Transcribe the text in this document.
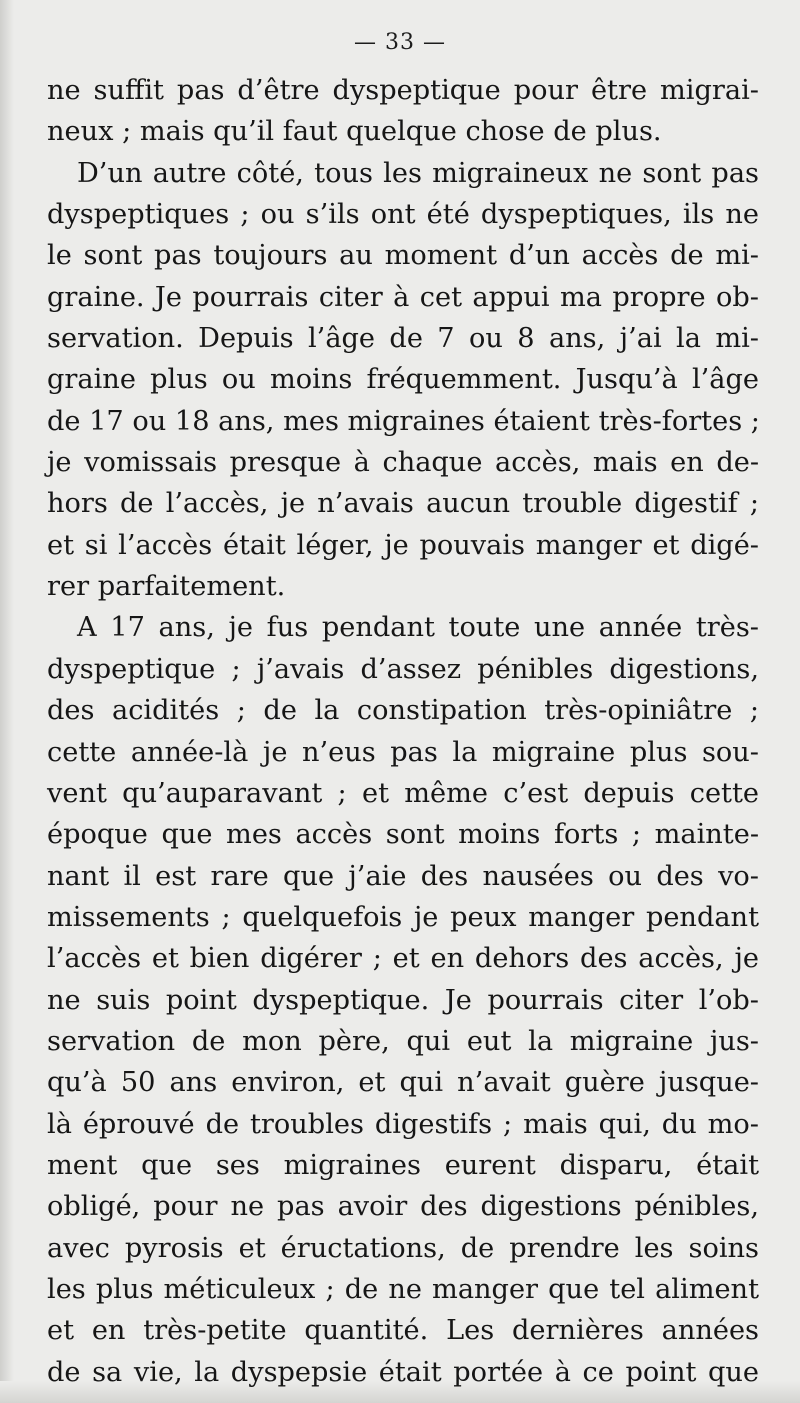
— 33 —
ne suffit pas d’être dyspeptique pour être migrai-
neux ; mais qu’il faut quelque chose de plus.
D’un autre côté, tous les migraineux ne sont pas
dyspeptiques ; ou s’ils ont été dyspeptiques, ils ne
le sont pas toujours au moment d’un accès de mi-
graine. Je pourrais citer à cet appui ma propre ob-
servation. Depuis l’âge de 7 ou 8 ans, j’ai la mi-
graine plus ou moins fréquemment. Jusqu’à l’âge
de 17 ou 18 ans, mes migraines étaient très-fortes ;
je vomissais presque à chaque accès, mais en de-
hors de l’accès, je n’avais aucun trouble digestif ;
et si l’accès était léger, je pouvais manger et digé-
rer parfaitement.
A 17 ans, je fus pendant toute une année très-
dyspeptique ; j’avais d’assez pénibles digestions,
des acidités ; de la constipation très-opiniâtre ;
cette année-là je n’eus pas la migraine plus sou-
vent qu’auparavant ; et même c’est depuis cette
époque que mes accès sont moins forts ; mainte-
nant il est rare que j’aie des nausées ou des vo-
missements ; quelquefois je peux manger pendant
l’accès et bien digérer ; et en dehors des accès, je
ne suis point dyspeptique. Je pourrais citer l’ob-
servation de mon père, qui eut la migraine jus-
qu’à 50 ans environ, et qui n’avait guère jusque-
là éprouvé de troubles digestifs ; mais qui, du mo-
ment que ses migraines eurent disparu, était
obligé, pour ne pas avoir des digestions pénibles,
avec pyrosis et éructations, de prendre les soins
les plus méticuleux ; de ne manger que tel aliment
et en très-petite quantité. Les dernières années
de sa vie, la dyspepsie était portée à ce point que
